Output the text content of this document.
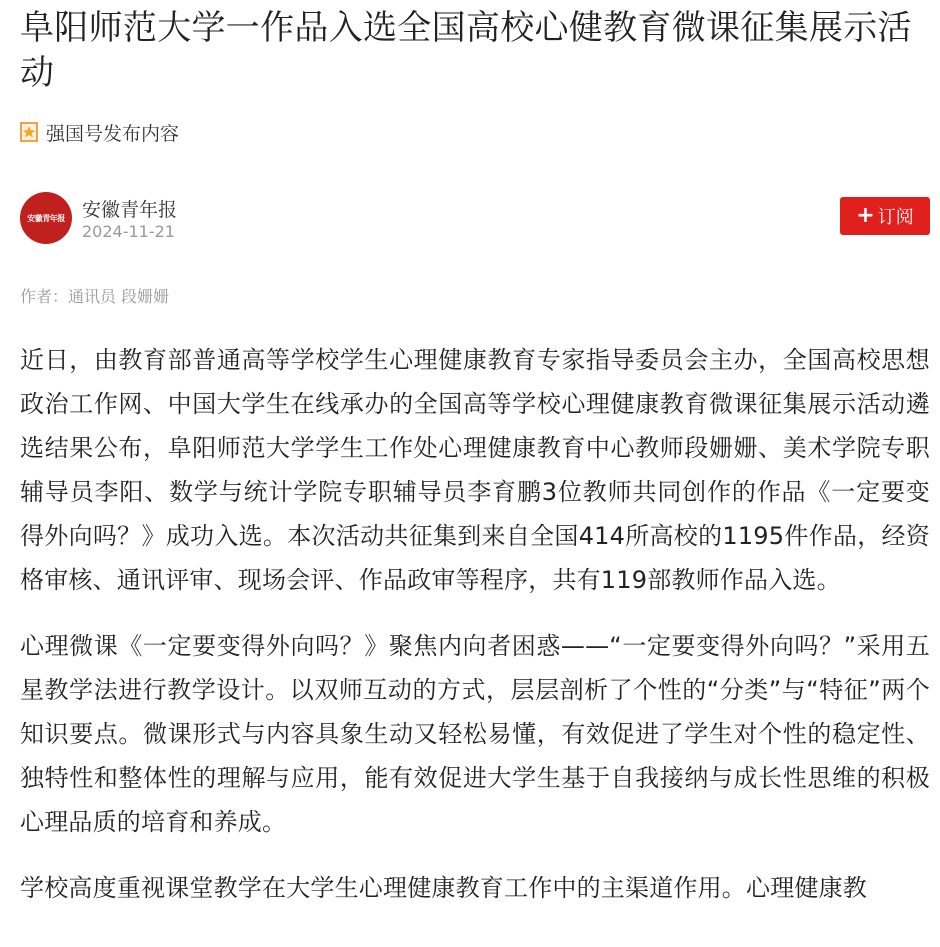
阜阳师范大学一作品入选全国高校心健教育微课征集展示活动
强国号发布内容
安徽青年报 安徽青年报
2024-11-21
+ 订阅
作者：通讯员 段姗姗

近日，由教育部普通高等学校学生心理健康教育专家指导委员会主办，全国高校思想政治工作网、中国大学生在线承办的全国高等学校心理健康教育微课征集展示活动遴选结果公布，阜阳师范大学学生工作处心理健康教育中心教师段姗姗、美术学院专职辅导员李阳、数学与统计学院专职辅导员李育鹏3位教师共同创作的作品《一定要变得外向吗？》成功入选。本次活动共征集到来自全国414所高校的1195件作品，经资格审核、通讯评审、现场会评、作品政审等程序，共有119部教师作品入选。

心理微课《一定要变得外向吗？》聚焦内向者困惑——“一定要变得外向吗？”采用五星教学法进行教学设计。以双师互动的方式，层层剖析了个性的“分类”与“特征”两个知识要点。微课形式与内容具象生动又轻松易懂，有效促进了学生对个性的稳定性、独特性和整体性的理解与应用，能有效促进大学生基于自我接纳与成长性思维的积极心理品质的培育和养成。

学校高度重视课堂教学在大学生心理健康教育工作中的主渠道作用。心理健康教
